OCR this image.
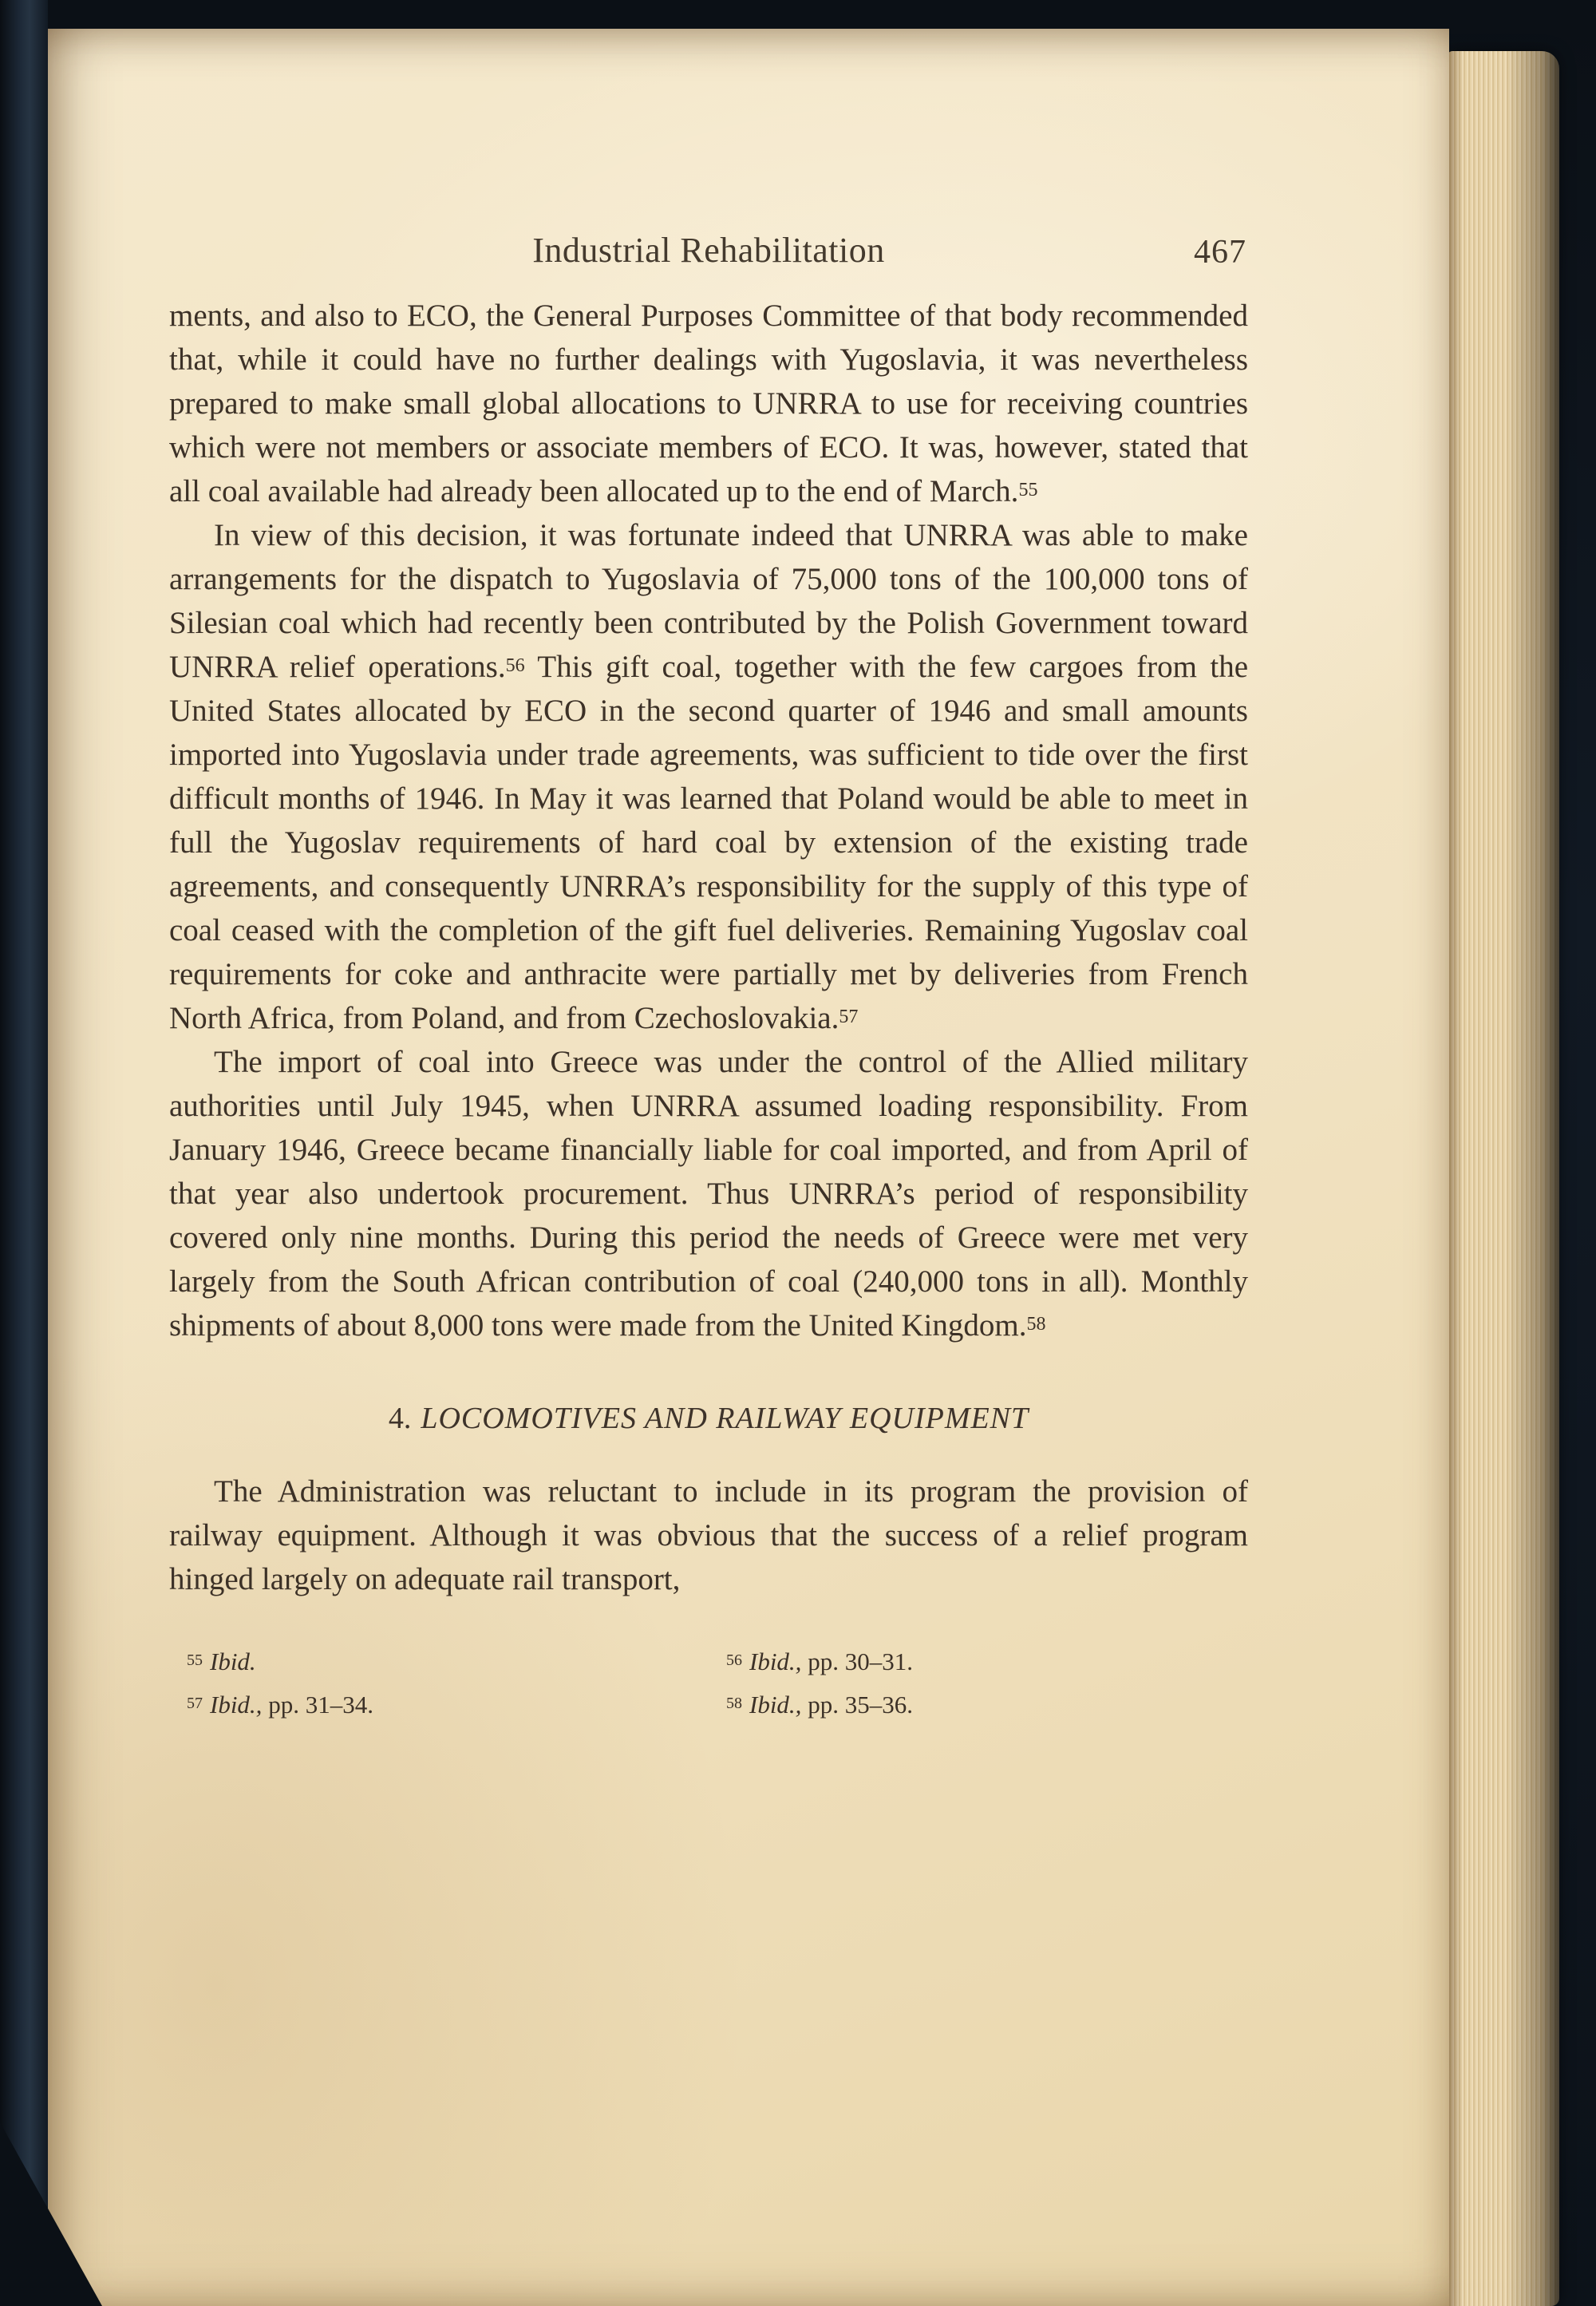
Industrial Rehabilitation	467

ments, and also to ECO, the General Purposes Committee of that body recommended that, while it could have no further dealings with Yugoslavia, it was nevertheless prepared to make small global allocations to UNRRA to use for receiving countries which were not members or associate members of ECO. It was, however, stated that all coal available had already been allocated up to the end of March.$^{55}$

In view of this decision, it was fortunate indeed that UNRRA was able to make arrangements for the dispatch to Yugoslavia of 75,000 tons of the 100,000 tons of Silesian coal which had recently been contributed by the Polish Government toward UNRRA relief operations.$^{56}$ This gift coal, together with the few cargoes from the United States allocated by ECO in the second quarter of 1946 and small amounts imported into Yugoslavia under trade agreements, was sufficient to tide over the first difficult months of 1946. In May it was learned that Poland would be able to meet in full the Yugoslav requirements of hard coal by extension of the existing trade agreements, and consequently UNRRA’s responsibility for the supply of this type of coal ceased with the completion of the gift fuel deliveries. Remaining Yugoslav coal requirements for coke and anthracite were partially met by deliveries from French North Africa, from Poland, and from Czechoslovakia.$^{57}$

The import of coal into Greece was under the control of the Allied military authorities until July 1945, when UNRRA assumed loading responsibility. From January 1946, Greece became financially liable for coal imported, and from April of that year also undertook procurement. Thus UNRRA’s period of responsibility covered only nine months. During this period the needs of Greece were met very largely from the South African contribution of coal (240,000 tons in all). Monthly shipments of about 8,000 tons were made from the United Kingdom.$^{58}$

4. LOCOMOTIVES AND RAILWAY EQUIPMENT

The Administration was reluctant to include in its program the provision of railway equipment. Although it was obvious that the success of a relief program hinged largely on adequate rail transport,

$^{55}$ Ibid.	$^{56}$ Ibid., pp. 30–31.
$^{57}$ Ibid., pp. 31–34.	$^{58}$ Ibid., pp. 35–36.
